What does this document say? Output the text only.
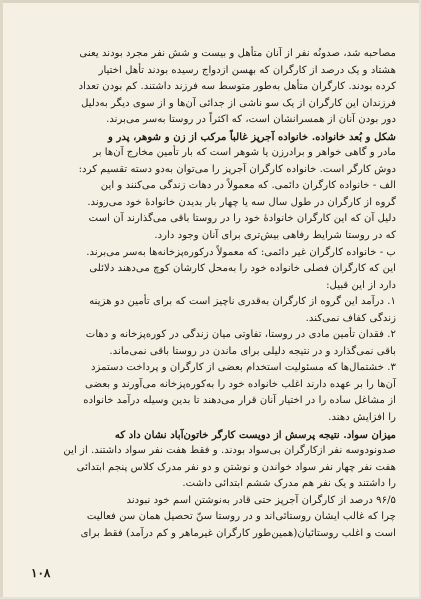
مصاحبه شد، صدونُه نفر از آنان متأهل و بیست و شش نفر مجرد بودند یعنی
هشتاد و یک درصد از کارگران که بهسن ازدواج رسیده بودند تأهل اختیار
کرده بودند. کارگران متأهل به‌طور متوسط سه فرزند داشتند. کم بودن تعداد
فرزندان این کارگران از یک سو ناشی از جدائی آن‌ها و از سوی دیگر به‌دلیل
دور بودن آنان از همسرانشان است، که اکثراً در روستا به‌سر می‌برند.
شکل و بُعد خانواده. خانواده آجرپز غالباً مرکب از زن و شوهر، پدر و
مادر و گاهی خواهر و برادرزن یا شوهر است که بار تأمین مخارج آن‌ها بر
دوش کارگر است. خانواده کارگران آجرپز را می‌توان به‌دو دسته تقسیم کرد:
الف - خانواده کارگران دائمی. که معمولاً در دهات زندگی می‌کنند و این
گروه از کارگران در طول سال سه یا چهار بار بدیدن خانوادهٔ خود می‌روند.
دلیل آن که این کارگران خانوادهٔ خود را در روستا باقی می‌گذارند آن است
که در روستا شرایط رفاهی بیش‌تری برای آنان وجود دارد.
ب - خانواده کارگران غیر دائمی: که معمولاً درکوره‌پزخانه‌ها به‌سر می‌برند.
این که کارگران فصلی خانواده خود را به‌محل کارشان کوچ می‌دهند دلائلی
دارد از این قبیل:
۱. درآمد این گروه از کارگران به‌قدری ناچیز است که برای تأمین دو هزینه
زندگی کفاف نمی‌کند.
۲. فقدان تأمین مادی در روستا، تفاوتی میان زندگی در کوره‌پزخانه و دهات
باقی نمی‌گذارد و در نتیجه دلیلی برای ماندن در روستا باقی نمی‌ماند.
۳. خشتمال‌ها که مسئولیت استخدام بعضی از کارگران و پرداخت دستمزد
آن‌ها را بر عهده دارند اغلب خانواده خود را به‌کوره‌پزخانه می‌آورند و بعضی
از مشاغل ساده را در اختیار آنان قرار می‌دهند تا بدین وسیله درآمد خانواده
را افزایش دهند.
میزان سواد. نتیجه پرسش از دویست کارگر خاتون‌آباد نشان داد که
صدونودوسه نفر ازکارگران بی‌سواد بودند. و فقط هفت نفر سواد داشتند. از این
هفت نفر چهار نفر سواد خواندن و نوشتن و دو نفر مدرک کلاس پنجم ابتدائی
را داشتند و یک نفر هم مدرک ششم ابتدائی داشت.
۹۶/۵ درصد از کارگران آجرپز حتی قادر به‌نوشتن اسم خود نبودند
چرا که غالب ایشان روستائی‌اند و در روستا سنّ تحصیل همان سن فعالیت
است و اغلب روستائیان(همین‌طور کارگران غیرماهر و کم درآمد) فقط برای
۱۰۸
